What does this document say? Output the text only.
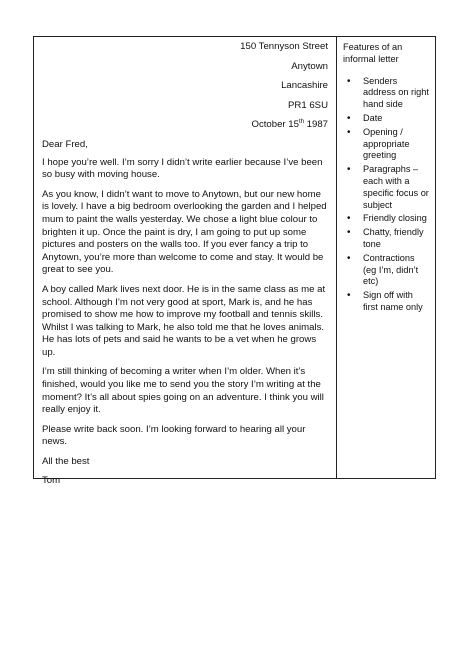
150 Tennyson Street
Anytown
Lancashire
PR1 6SU
October 15th 1987

Dear Fred,

I hope you’re well. I’m sorry I didn’t write earlier because I’ve been so busy with moving house.

As you know, I didn’t want to move to Anytown, but our new home is lovely. I have a big bedroom overlooking the garden and I helped mum to paint the walls yesterday. We chose a light blue colour to brighten it up. Once the paint is dry, I am going to put up some pictures and posters on the walls too. If you ever fancy a trip to Anytown, you’re more than welcome to come and stay. It would be great to see you.

A boy called Mark lives next door. He is in the same class as me at school. Although I’m not very good at sport, Mark is, and he has promised to show me how to improve my football and tennis skills. Whilst I was talking to Mark, he also told me that he loves animals. He has lots of pets and said he wants to be a vet when he grows up.

I’m still thinking of becoming a writer when I’m older. When it’s finished, would you like me to send you the story I’m writing at the moment? It’s all about spies going on an adventure. I think you will really enjoy it.

Please write back soon. I’m looking forward to hearing all your news.

All the best

Tom

Features of an informal letter
• Senders address on right hand side
• Date
• Opening / appropriate greeting
• Paragraphs – each with a specific focus or subject
• Friendly closing
• Chatty, friendly tone
• Contractions (eg I’m, didn’t etc)
• Sign off with first name only
